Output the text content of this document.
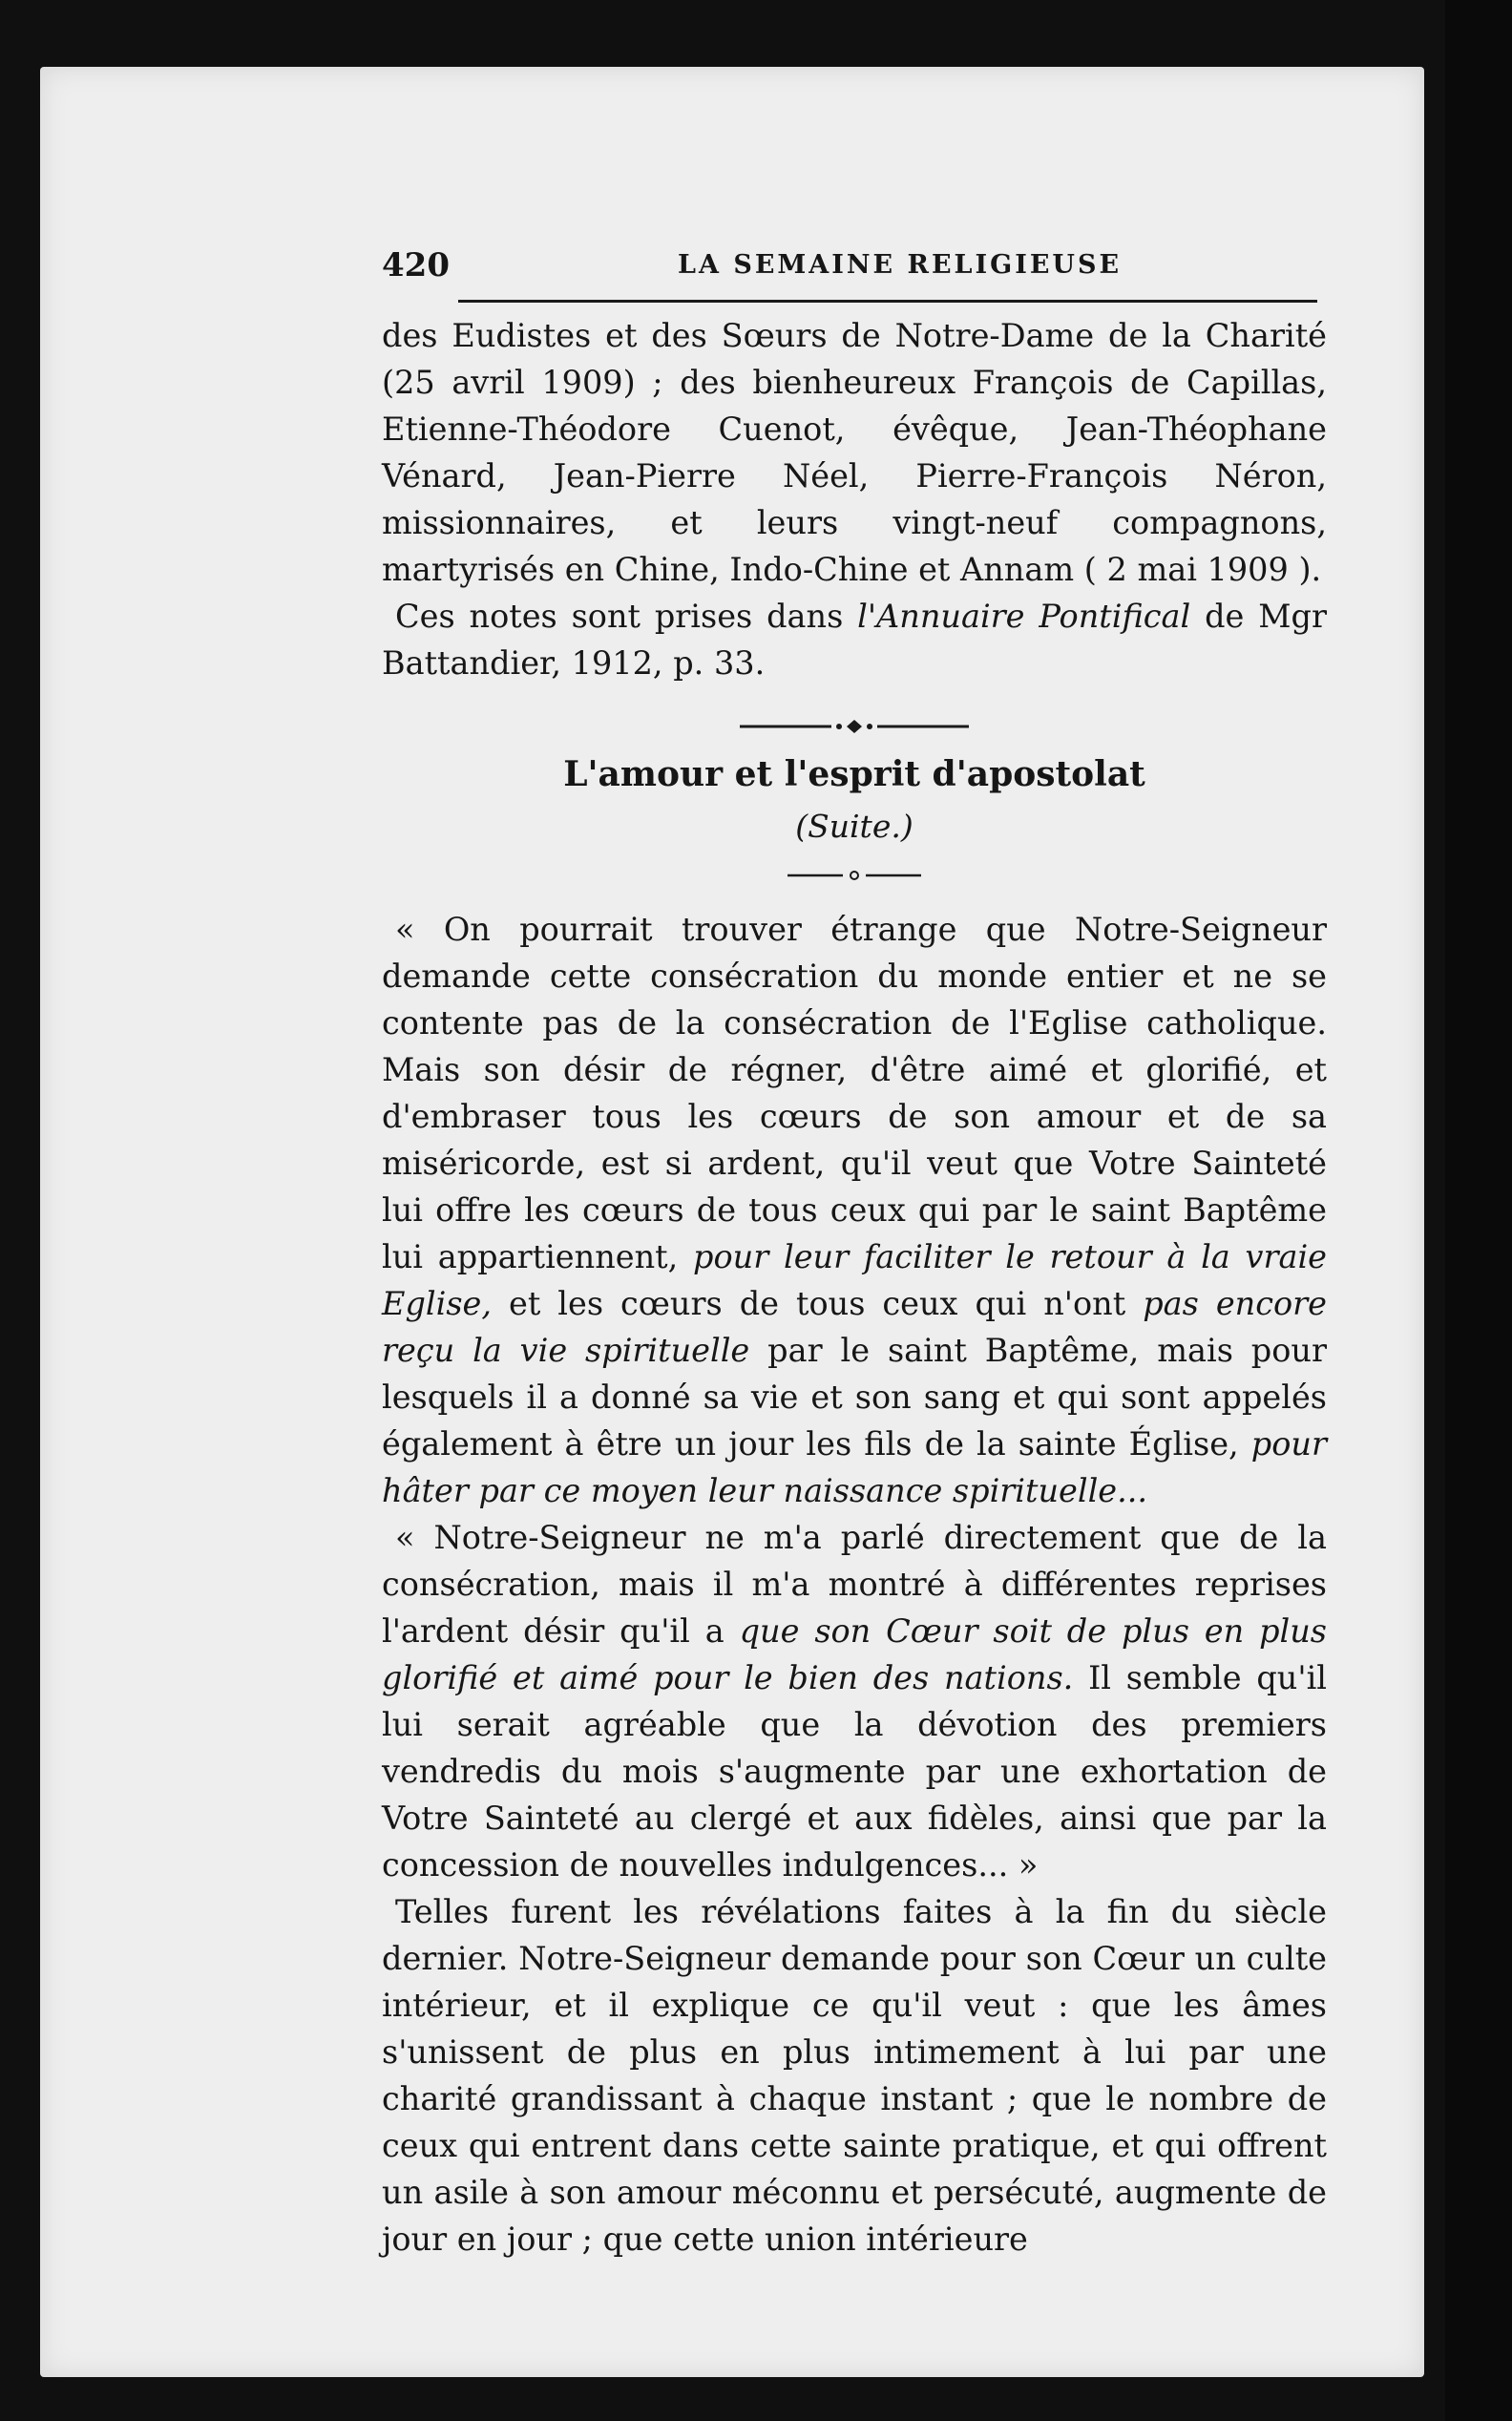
420	LA SEMAINE RELIGIEUSE

des Eudistes et des Sœurs de Notre-Dame de la Charité (25 avril 1909) ; des bienheureux François de Capillas, Etienne-Théodore Cuenot, évêque, Jean-Théophane Vénard, Jean-Pierre Néel, Pierre-François Néron, missionnaires, et leurs vingt-neuf compagnons, martyrisés en Chine, Indo-Chine et Annam ( 2 mai 1909 ).

Ces notes sont prises dans l'Annuaire Pontifical de Mgr Battandier, 1912, p. 33.

L'amour et l'esprit d'apostolat
(Suite.)

« On pourrait trouver étrange que Notre-Seigneur demande cette consécration du monde entier et ne se contente pas de la consécration de l'Eglise catholique. Mais son désir de régner, d'être aimé et glorifié, et d'embraser tous les cœurs de son amour et de sa miséricorde, est si ardent, qu'il veut que Votre Sainteté lui offre les cœurs de tous ceux qui par le saint Baptême lui appartiennent, pour leur faciliter le retour à la vraie Eglise, et les cœurs de tous ceux qui n'ont pas encore reçu la vie spirituelle par le saint Baptême, mais pour lesquels il a donné sa vie et son sang et qui sont appelés également à être un jour les fils de la sainte Église, pour hâter par ce moyen leur naissance spirituelle...

« Notre-Seigneur ne m'a parlé directement que de la consécration, mais il m'a montré à différentes reprises l'ardent désir qu'il a que son Cœur soit de plus en plus glorifié et aimé pour le bien des nations. Il semble qu'il lui serait agréable que la dévotion des premiers vendredis du mois s'augmente par une exhortation de Votre Sainteté au clergé et aux fidèles, ainsi que par la concession de nouvelles indulgences... »

Telles furent les révélations faites à la fin du siècle dernier. Notre-Seigneur demande pour son Cœur un culte intérieur, et il explique ce qu'il veut : que les âmes s'unissent de plus en plus intimement à lui par une charité grandissant à chaque instant ; que le nombre de ceux qui entrent dans cette sainte pratique, et qui offrent un asile à son amour méconnu et persécuté, augmente de jour en jour ; que cette union intérieure
